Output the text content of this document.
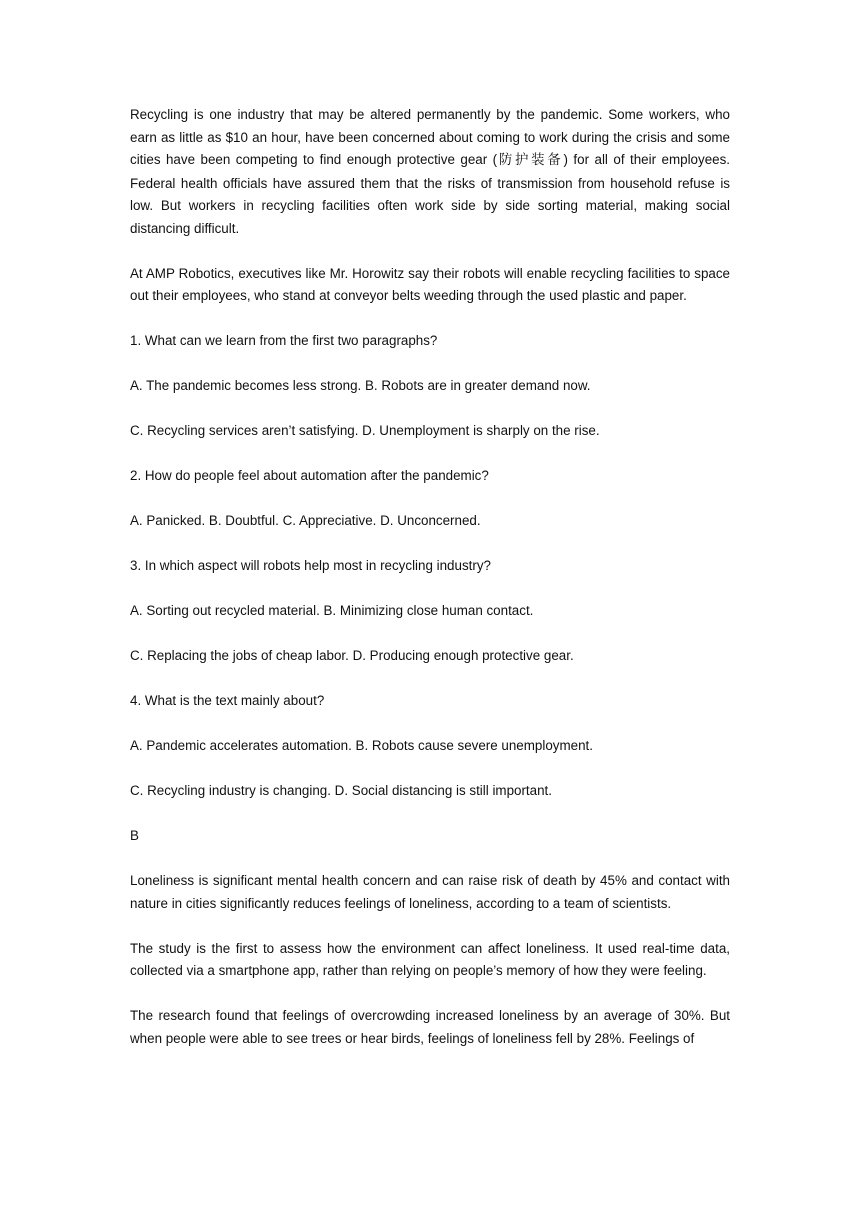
Recycling is one industry that may be altered permanently by the pandemic. Some workers, who earn as little as $10 an hour, have been concerned about coming to work during the crisis and some cities have been competing to find enough protective gear (防护装备) for all of their employees. Federal health officials have assured them that the risks of transmission from household refuse is low. But workers in recycling facilities often work side by side sorting material, making social distancing difficult.

At AMP Robotics, executives like Mr. Horowitz say their robots will enable recycling facilities to space out their employees, who stand at conveyor belts weeding through the used plastic and paper.

1. What can we learn from the first two paragraphs?

A. The pandemic becomes less strong. B. Robots are in greater demand now.

C. Recycling services aren’t satisfying. D. Unemployment is sharply on the rise.

2. How do people feel about automation after the pandemic?

A. Panicked. B. Doubtful. C. Appreciative. D. Unconcerned.

3. In which aspect will robots help most in recycling industry?

A. Sorting out recycled material. B. Minimizing close human contact.

C. Replacing the jobs of cheap labor. D. Producing enough protective gear.

4. What is the text mainly about?

A. Pandemic accelerates automation. B. Robots cause severe unemployment.

C. Recycling industry is changing. D. Social distancing is still important.

B

Loneliness is significant mental health concern and can raise risk of death by 45% and contact with nature in cities significantly reduces feelings of loneliness, according to a team of scientists.

The study is the first to assess how the environment can affect loneliness. It used real-time data, collected via a smartphone app, rather than relying on people’s memory of how they were feeling.

The research found that feelings of overcrowding increased loneliness by an average of 30%. But when people were able to see trees or hear birds, feelings of loneliness fell by 28%. Feelings of
